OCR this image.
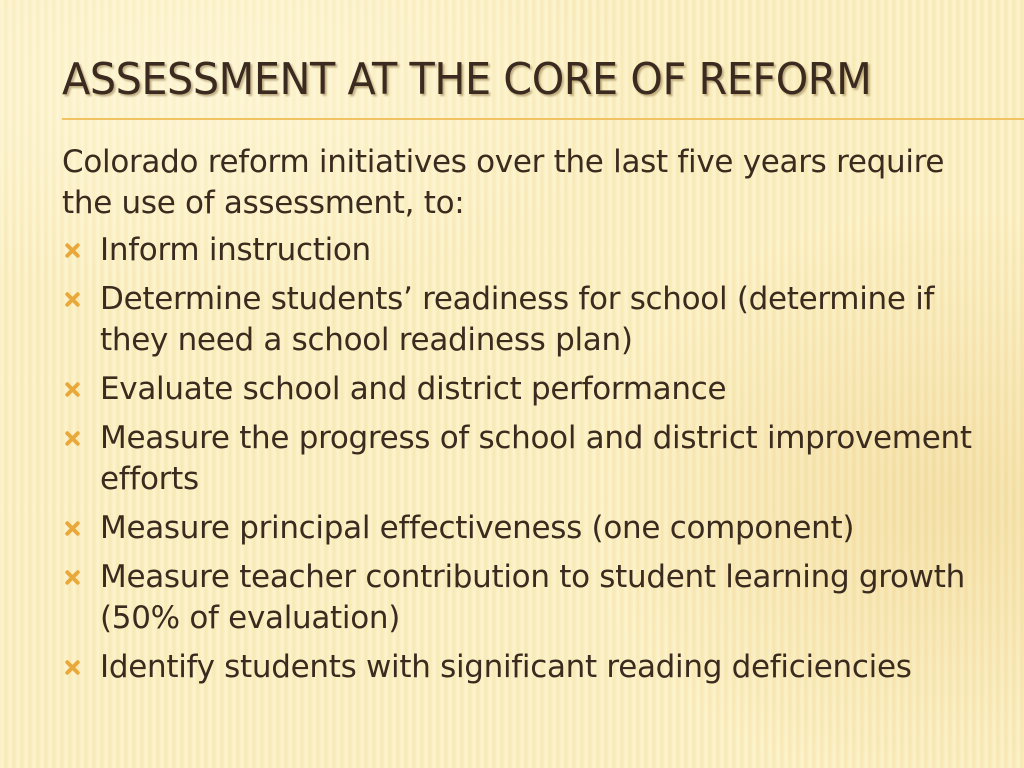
ASSESSMENT AT THE CORE OF REFORM

Colorado reform initiatives over the last five years require the use of assessment, to:

Inform instruction
Determine students’ readiness for school (determine if they need a school readiness plan)
Evaluate school and district performance
Measure the progress of school and district improvement efforts
Measure principal effectiveness (one component)
Measure teacher contribution to student learning growth (50% of evaluation)
Identify students with significant reading deficiencies
